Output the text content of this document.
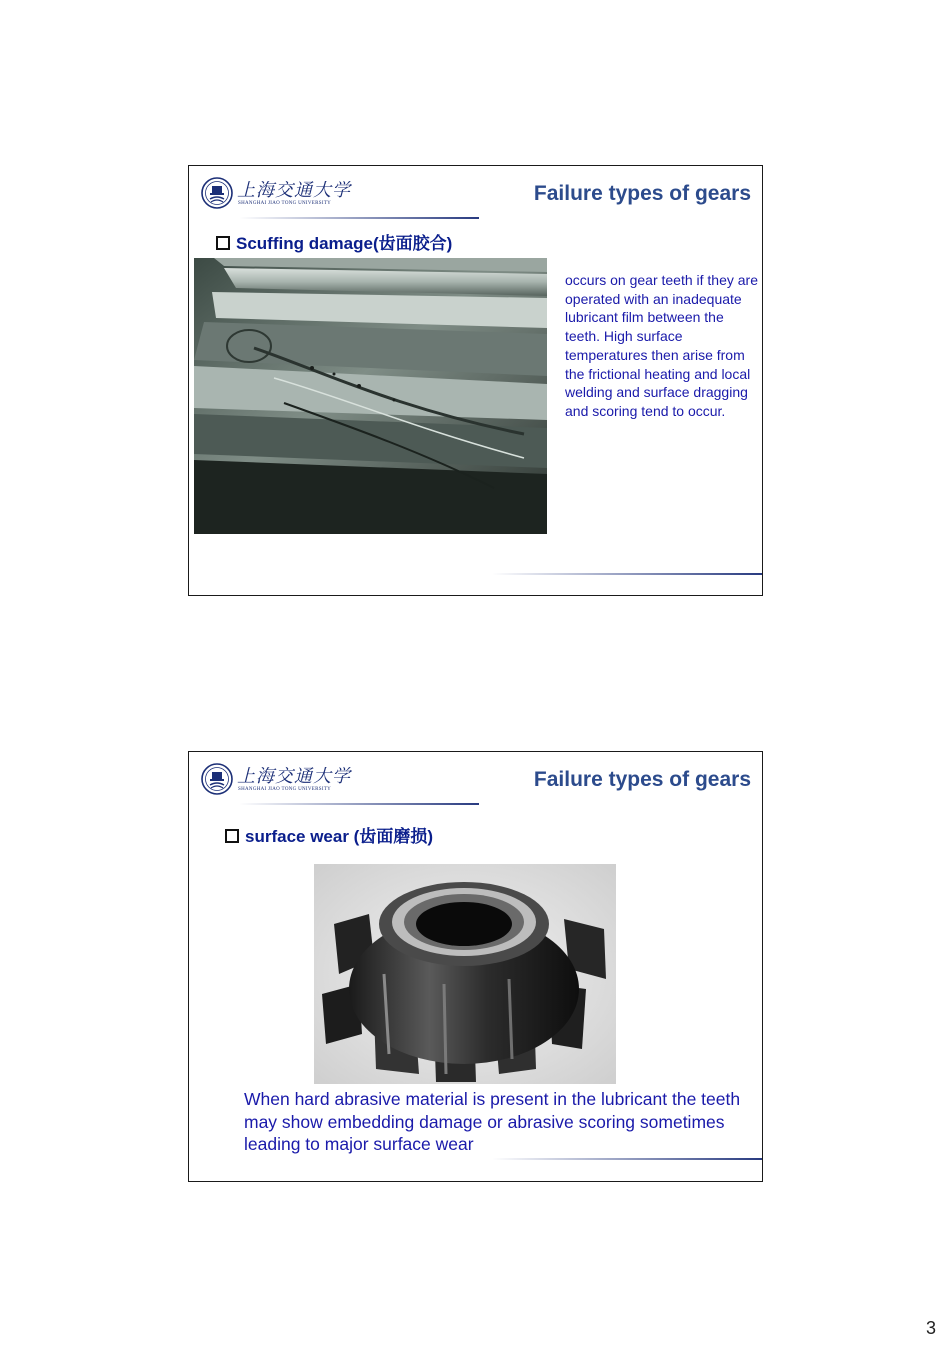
上海交通大学
SHANGHAI JIAO TONG UNIVERSITY	Failure types of gears
Scuffing damage(齿面胶合)
occurs on gear teeth if they are operated with an inadequate lubricant film between the teeth. High surface temperatures then arise from the frictional heating and local welding and surface dragging and scoring tend to occur.
上海交通大学
SHANGHAI JIAO TONG UNIVERSITY	Failure types of gears
surface wear (齿面磨损)
When hard abrasive material is present in the lubricant the teeth may show embedding damage or abrasive scoring sometimes leading to major surface wear
3
